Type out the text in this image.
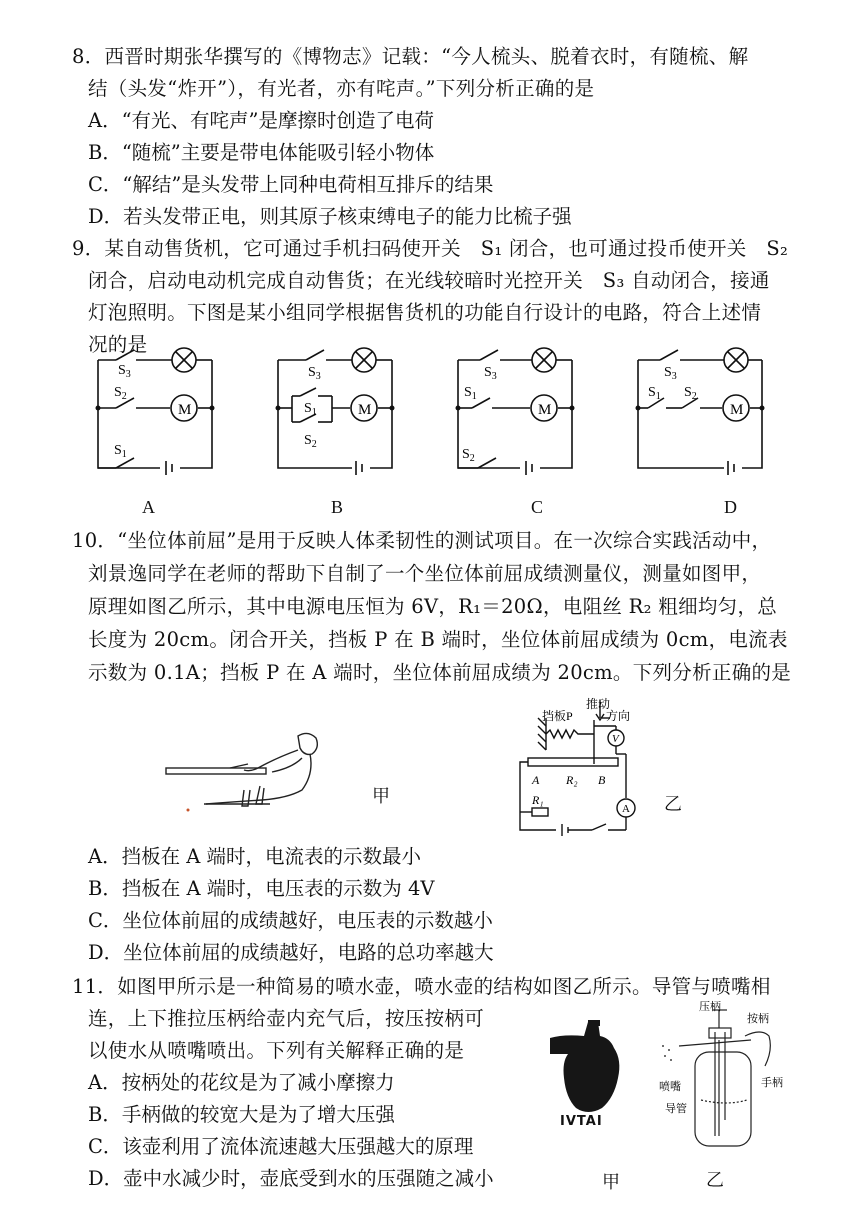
8．西晋时期张华撰写的《博物志》记载：“今人梳头、脱着衣时，有随梳、解
结（头发“炸开”），有光者，亦有咤声。”下列分析正确的是
A．“有光、有咤声”是摩擦时创造了电荷
B．“随梳”主要是带电体能吸引轻小物体
C．“解结”是头发带上同种电荷相互排斥的结果
D．若头发带正电，则其原子核束缚电子的能力比梳子强
9．某自动售货机，它可通过手机扫码使开关　S₁ 闭合，也可通过投币使开关　S₂
闭合，启动电动机完成自动售货；在光线较暗时光控开关　S₃ 自动闭合，接通
灯泡照明。下图是某小组同学根据售货机的功能自行设计的电路，符合上述情
况的是
M
$S_3$
$S_2$
$S_1$
M
$S_3$
$S_1$
$S_2$
M
$S_3$
$S_1$
$S_2$
M
$S_3$
$S_1$ $S_2$
A	B	C	D
10．“坐位体前屈”是用于反映人体柔韧性的测试项目。在一次综合实践活动中，
刘景逸同学在老师的帮助下自制了一个坐位体前屈成绩测量仪，测量如图甲，
原理如图乙所示，其中电源电压恒为 6V，R₁＝20Ω，电阻丝 R₂ 粗细均匀，总
长度为 20cm。闭合开关，挡板 P 在 B 端时，坐位体前屈成绩为 0cm，电流表
示数为 0.1A；挡板 P 在 A 端时，坐位体前屈成绩为 20cm。下列分析正确的是
甲
推动
方向
挡板P
V
A R₂ B
A
R₁	乙
A．挡板在 A 端时，电流表的示数最小
B．挡板在 A 端时，电压表的示数为 4V
C．坐位体前屈的成绩越好，电压表的示数越小
D．坐位体前屈的成绩越好，电路的总功率越大
11．如图甲所示是一种简易的喷水壶，喷水壶的结构如图乙所示。导管与喷嘴相
连，上下推拉压柄给壶内充气后，按压按柄可
以使水从喷嘴喷出。下列有关解释正确的是
A．按柄处的花纹是为了减小摩擦力
B．手柄做的较宽大是为了增大压强
C．该壶利用了流体流速越大压强越大的原理
D．壶中水减少时，壶底受到水的压强随之减小
IVTAI
甲
压柄
按柄
喷嘴	手柄
导管
乙
